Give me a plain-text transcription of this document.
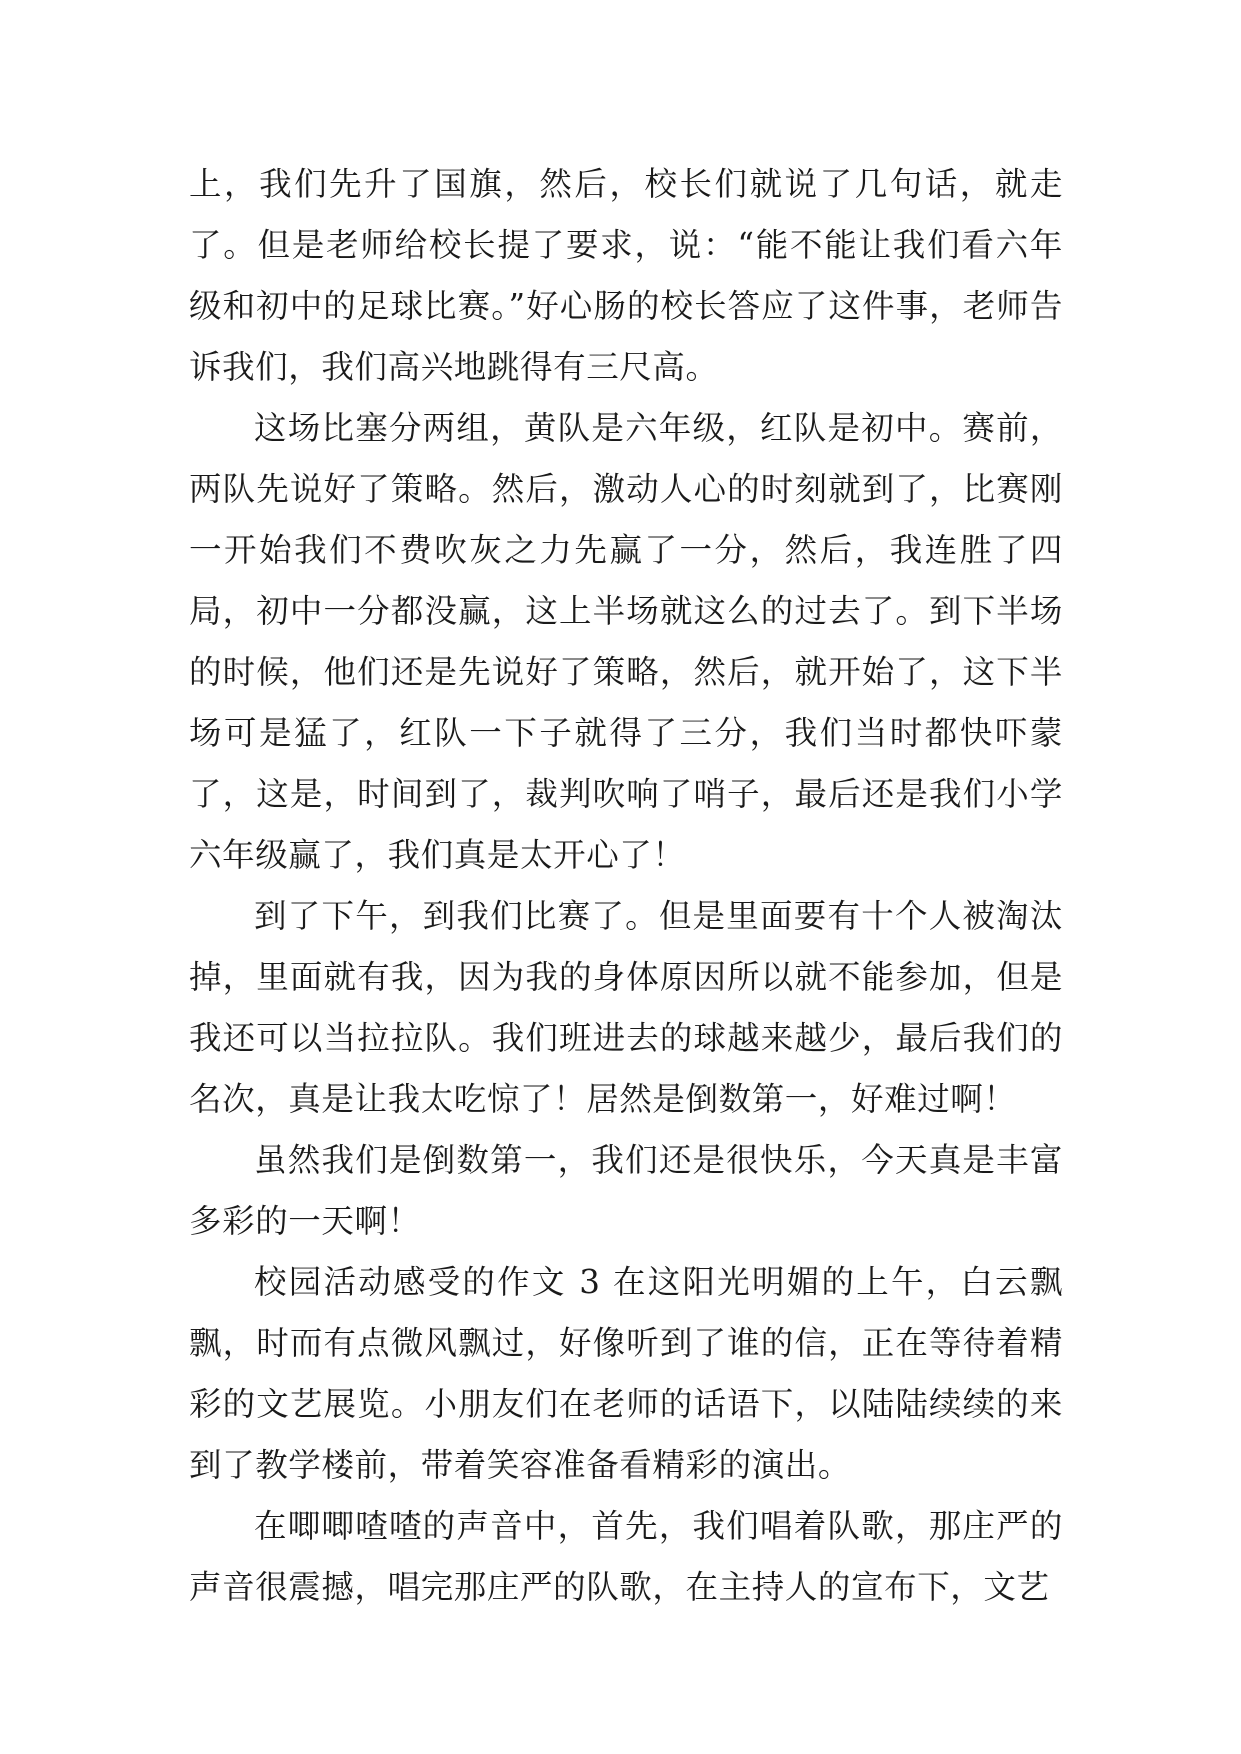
上，我们先升了国旗，然后，校长们就说了几句话，就走了。但是老师给校长提了要求，说：“能不能让我们看六年级和初中的足球比赛。”好心肠的校长答应了这件事，老师告诉我们，我们高兴地跳得有三尺高。

这场比塞分两组，黄队是六年级，红队是初中。赛前，两队先说好了策略。然后，激动人心的时刻就到了，比赛刚一开始我们不费吹灰之力先赢了一分，然后，我连胜了四局，初中一分都没赢，这上半场就这么的过去了。到下半场的时候，他们还是先说好了策略，然后，就开始了，这下半场可是猛了，红队一下子就得了三分，我们当时都快吓蒙了，这是，时间到了，裁判吹响了哨子，最后还是我们小学六年级赢了，我们真是太开心了！

到了下午，到我们比赛了。但是里面要有十个人被淘汰掉，里面就有我，因为我的身体原因所以就不能参加，但是我还可以当拉拉队。我们班进去的球越来越少，最后我们的名次，真是让我太吃惊了！居然是倒数第一，好难过啊！

虽然我们是倒数第一，我们还是很快乐，今天真是丰富多彩的一天啊！

校园活动感受的作文 3 在这阳光明媚的上午，白云飘飘，时而有点微风飘过，好像听到了谁的信，正在等待着精彩的文艺展览。小朋友们在老师的话语下，以陆陆续续的来到了教学楼前，带着笑容准备看精彩的演出。

在唧唧喳喳的声音中，首先，我们唱着队歌，那庄严的声音很震撼，唱完那庄严的队歌，在主持人的宣布下，文艺
